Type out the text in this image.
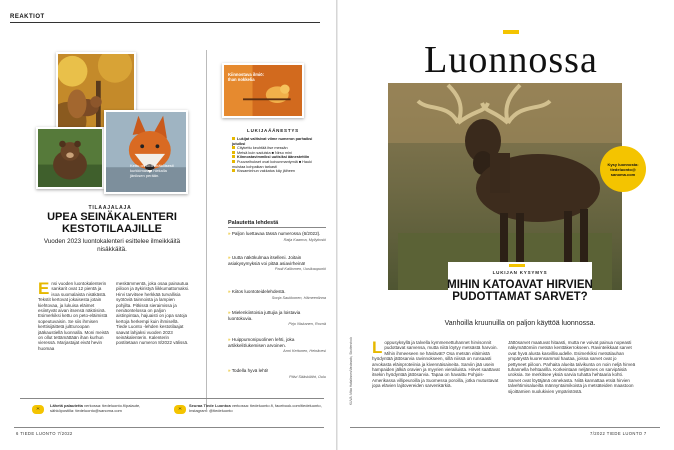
REAKTIOT
Kettu on todennäköisesti kurkkimassa hiekalla jäniksen perään.
TILAAJALAJA
UPEA SEINÄKALENTERI KESTOTILAAJILLE
Vuoden 2023 luontokalenteri esittelee ilmeikkäitä nisäkkäitä.
Ensi vuoden luontokalenterin sankarit ovat 12 pientä ja isoa suomalaista nisäkästä. Tekstit kertovat jokaisesta jotain kiehtovaa, ja lukuisa eläimet esiintyvät aivan itsensä näköisinä. Esimerkiksi kettu on peto-eläimistä sopeutuvaisin. Se siis ihmisen kerttisijäittetä julEuroopan jääkaustiellä luonnalla. Moni meistä on ollut tettämättään ihan kurhun vieressä. Marjastajat eivät hevin huomaa
meskämmentä, joka osaa painautua piiloon ja äykiristyä liikkumattomaksi. Hirvi tarvitsee herkkää turvallisia syötöviä tainnoista ja lampien pohjilta. Pitkissä sieraimissa ja neniäontelossa on paljon aistinpintaa, hajuaisti on jopa satoja kertoja herkempi kuin ihmisellä. Tiede Luonto -lehden kestotilaajat saavat lahjaksi vuoden 2023 seinäkalenterin. Kalenterin postitetaan numeron 8/2022 välissä.
›‹
Lähetä palautetta verkossa: tiedeluonto.fi/palaute, sähköpostilla: tiedeluonto@sanoma.com	›‹
Seuraa Tiede Luontoa verkossa: tiedeluonto.fi, facebook.com/tiedeluonto, Instagram: @tiedeluonto
Kiinnostava ilmiö: Ihan nokkelia
LUKIJAÄÄNESTYS
Lukijat valitsivat viime numeron parhaiksi jutuiksi
Citykettu keuhtää itse messän
Metsä kuin saduista ■ Nirso mini
Kiinnostavimmiksi uutisiksi äänestettiin
Puuvarihukset ovat koivunmantymiä ■ Hauki muistaa kohpaikan tarkasti
Kissaminhun vakkatus käy jäiheen
Palautetta lehdestä
» Paljon luettavaa tässä numerossa (6/2022).
Raija Kaarma, Myllykoski
» Uutta näkökulmaa itselleni. Joitain asiakysymyksiä voi pitää asiavirheinä!
Pauli Kalliomen, Uusikaupunki
» Kiitos luontoteidelehdestä.
Sonja Saukkonen, Hämeenlinna
» Mielenkiintoisia juttujia ja loistavia luontokuvia.
Pirjo Niskanen, Rovnä
» Huippumonipuolinen lehti, joka artikkelit/ukemisen arvoinen.
Armi Kettunen, Heinävesi
» Todella hyvä lehti!
Päivi Sääskiläht, Oulu
6 TIEDE LUONTO 7/2022
Luonnossa
Kysy luonnosta: tiedeluonto@ sanoma.com
LUKIJAN KYSYMYS
MIHIN KATOAVAT HIRVIEN PUDOTTAMAT SARVET?
Vanhoilla kruunuilla on paljon käyttöä luonnossa.
KUVA: Mika Haltalinnen/Vastavalo, Shutterstock Loppusyksyllä ja talvella kymmenettuhannet hirvisonnit pudottavat sarvensa, mutta niitä löytyy metsästä harvoin. Mihin ihmeeseen ne häviävät? Osa metsän eläimistä hyödyntää jättösarvia ravinnokseen, sillä niissä on runsaasti arvokasta eläinproteiinia ja kivennäisaineita. Sarviin jää usein hampaiden jälkiä oravien ja myyrien vierailuista. Hirvet saattavat itsekin hyödyntää jättösarvia. Tapaa on havaittu Pohjois-Amerikassa villipeuroilla ja Suomessa poroilla, jotka mutustavat jopa elävien lajitovereiden sarvenkärkiä.
Jättösarvet maatuvat hitaasti, mutta ne voivat painua nopeasti näkymättömiin metsän kenttäkerrokseen. Ravinteikkaat sarvet ovat hyvä alusta kasvillisuudelle. Esimerkiksi metsälauhan ympärystä kuorensammal hautaa, joissa sarvet ovat jo pettyneet piiloon. Parhaita alueita talvikunta on noin neljä hirveä tuhannella hehtaarilla. Korkeintaan neljännes on sarvipäisiä uroksia. Se merkitsee yksiä sarvia tuhatta hehtaaria kohti. Sarvet ovat löytäjänä onnekasta. Niitä kannattaa etsiä hirvien talvehtimisalueilta männyntaimikoista ja metsäteiden maastoon sijoittamien nuolukivien ympäristöstä.
7/2022 TIEDE LUONTO 7
